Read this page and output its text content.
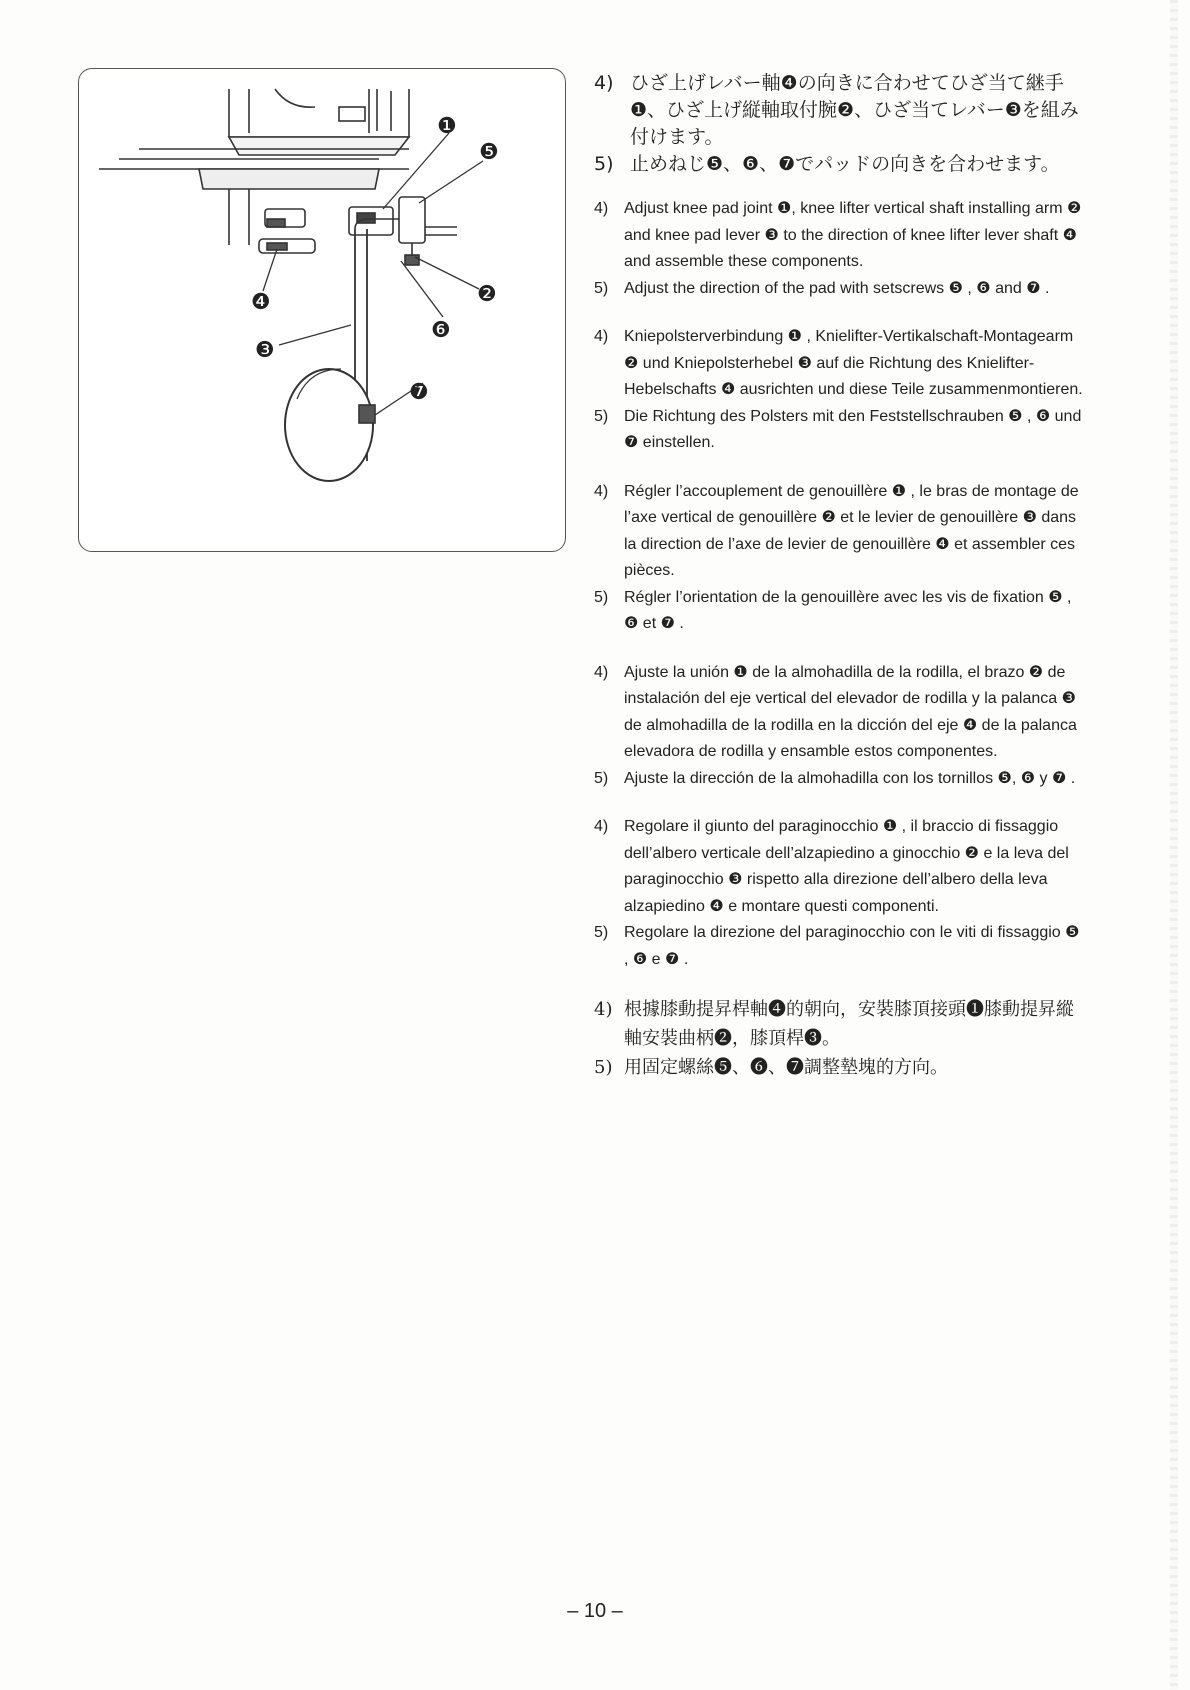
❶
❺
❷
❻
❹
❸
❼
4) ひざ上げレバー軸❹の向きに合わせてひざ当て継手❶、ひざ上げ縦軸取付腕❷、ひざ当てレバー❸を組み付けます。
5) 止めねじ❺、❻、❼でパッドの向きを合わせます。
4) Adjust knee pad joint ❶, knee lifter vertical shaft installing arm ❷ and knee pad lever ❸ to the direction of knee lifter lever shaft ❹ and assemble these components.
5) Adjust the direction of the pad with setscrews ❺ , ❻ and ❼ .
4) Kniepolsterverbindung ❶ , Knielifter-Vertikalschaft-Montagearm ❷ und Kniepolsterhebel ❸ auf die Richtung des Knielifter-Hebelschafts ❹ ausrichten und diese Teile zusammenmontieren.
5) Die Richtung des Polsters mit den Feststellschrauben ❺ , ❻ und ❼ einstellen.
4) Régler l’accouplement de genouillère ❶ , le bras de montage de l’axe vertical de genouillère ❷ et le levier de genouillère ❸ dans la direction de l’axe de levier de genouillère ❹ et assembler ces pièces.
5) Régler l’orientation de la genouillère avec les vis de fixation ❺ , ❻ et ❼ .
4) Ajuste la unión ❶ de la almohadilla de la rodilla, el brazo ❷ de instalación del eje vertical del elevador de rodilla y la palanca ❸ de almohadilla de la rodilla en la dicción del eje ❹ de la palanca elevadora de rodilla y ensamble estos componentes.
5) Ajuste la dirección de la almohadilla con los tornillos ❺, ❻ y ❼ .
4) Regolare il giunto del paraginocchio ❶ , il braccio di fissaggio dell’albero verticale dell’alzapiedino a ginocchio ❷ e la leva del paraginocchio ❸ rispetto alla direzione dell’albero della leva alzapiedino ❹ e montare questi componenti.
5) Regolare la direzione del paraginocchio con le viti di fissaggio ❺ , ❻ e ❼ .
4) 根據膝動提昇桿軸❹的朝向，安裝膝頂接頭❶膝動提昇縱軸安裝曲柄❷，膝頂桿❸。
5) 用固定螺絲❺、❻、❼調整墊塊的方向。
– 10 –
